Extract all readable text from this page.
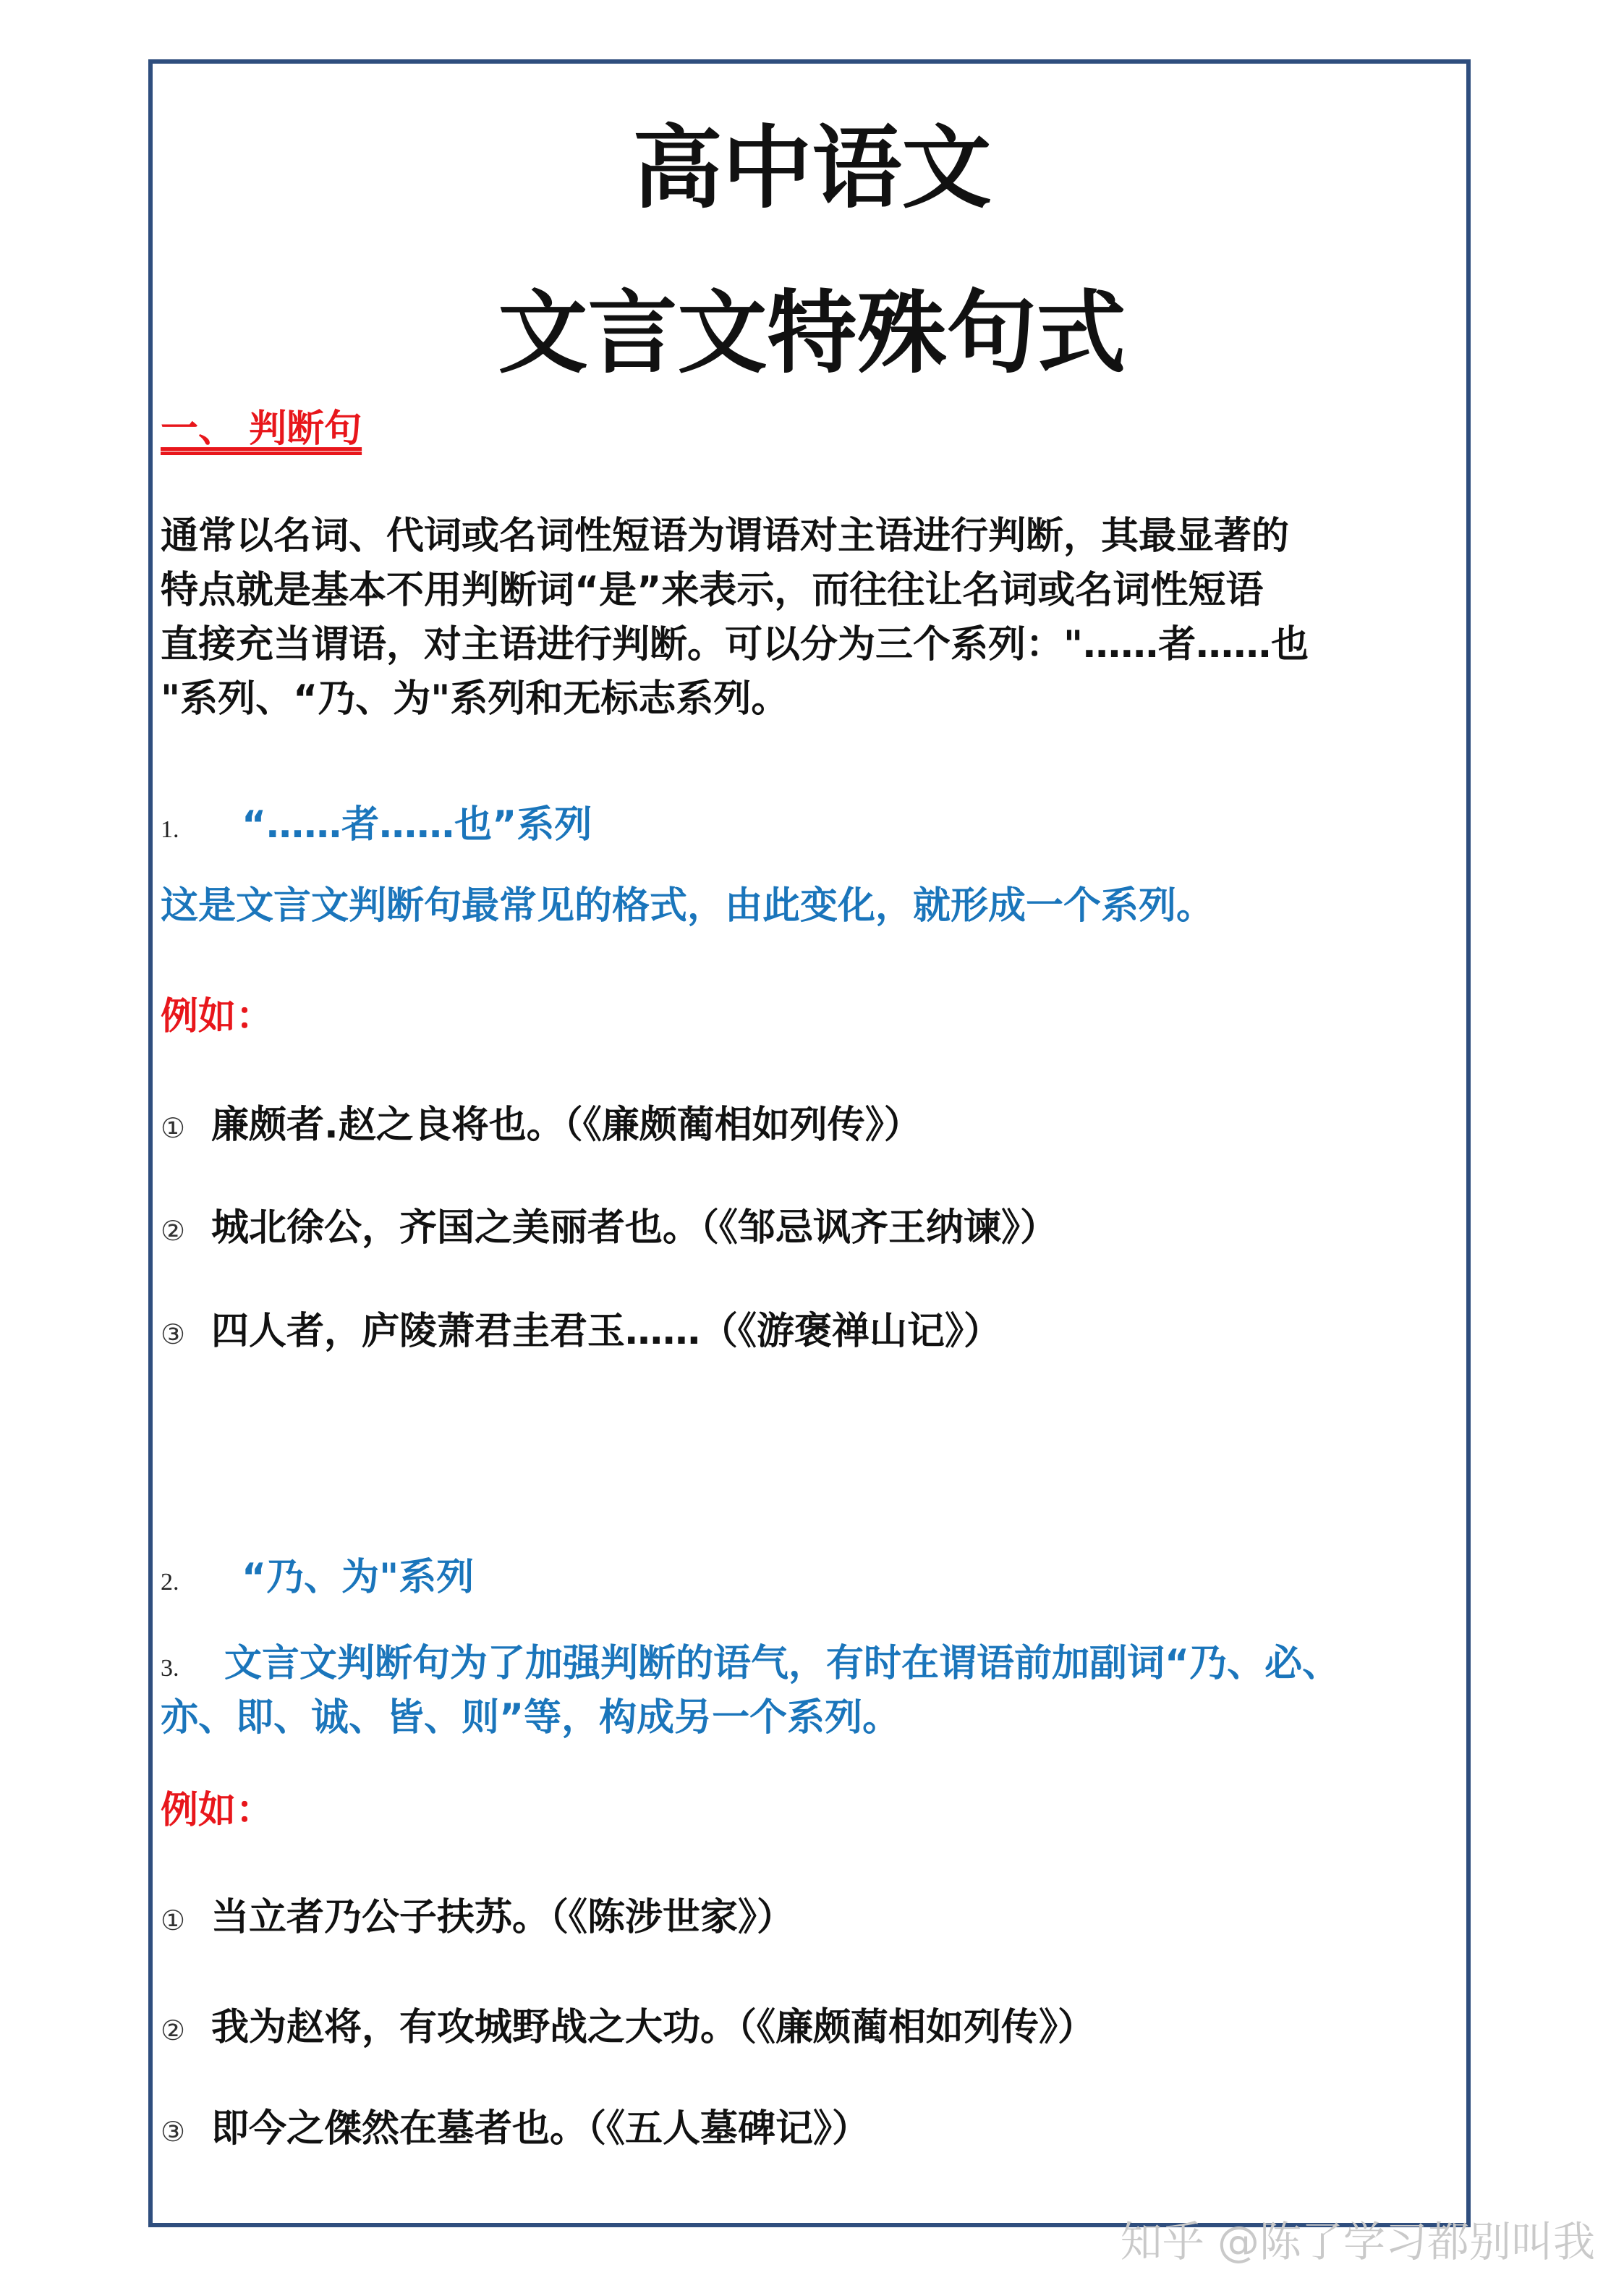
高中语文
文言文特殊句式
一、 判断句
通常以名词、代词或名词性短语为谓语对主语进行判断，其最显著的
特点就是基本不用判断词“是”来表示，而往往让名词或名词性短语
直接充当谓语，对主语进行判断。可以分为三个系列："……者……也
"系列、“乃、为"系列和无标志系列。
1. “……者……也”系列
这是文言文判断句最常见的格式，由此变化，就形成一个系列。
例如：
① 廉颇者.赵之良将也。（《廉颇蔺相如列传》）
② 城北徐公，齐国之美丽者也。（《邹忌讽齐王纳谏》）
③ 四人者，庐陵萧君圭君玉……（《游褒禅山记》）
2. “乃、为"系列
3. 文言文判断句为了加强判断的语气，有时在谓语前加副词“乃、必、
亦、即、诚、皆、则”等，构成另一个系列。
例如：
① 当立者乃公子扶苏。（《陈涉世家》）
② 我为赵将，有攻城野战之大功。（《廉颇蔺相如列传》）
③ 即今之傑然在墓者也。（《五人墓碑记》）
知乎 @陈了学习都别叫我
